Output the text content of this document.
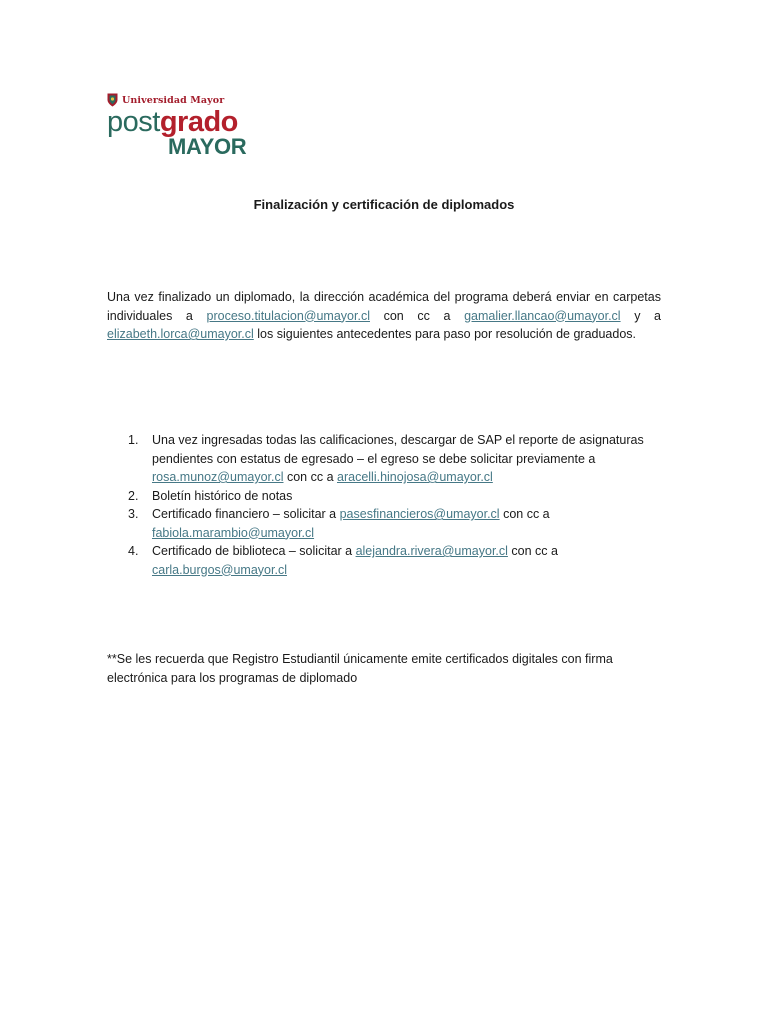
Universidad Mayor
postgrado
MAYOR
Finalización y certificación de diplomados

Una vez finalizado un diplomado, la dirección académica del programa deberá enviar en carpetas individuales a proceso.titulacion@umayor.cl con cc a gamalier.llancao@umayor.cl y a elizabeth.lorca@umayor.cl los siguientes antecedentes para paso por resolución de graduados.

1. Una vez ingresadas todas las calificaciones, descargar de SAP el reporte de asignaturas pendientes con estatus de egresado – el egreso se debe solicitar previamente a rosa.munoz@umayor.cl con cc a aracelli.hinojosa@umayor.cl
2. Boletín histórico de notas
3. Certificado financiero – solicitar a pasesfinancieros@umayor.cl con cc a fabiola.marambio@umayor.cl
4. Certificado de biblioteca – solicitar a alejandra.rivera@umayor.cl con cc a carla.burgos@umayor.cl

**Se les recuerda que Registro Estudiantil únicamente emite certificados digitales con firma electrónica para los programas de diplomado
